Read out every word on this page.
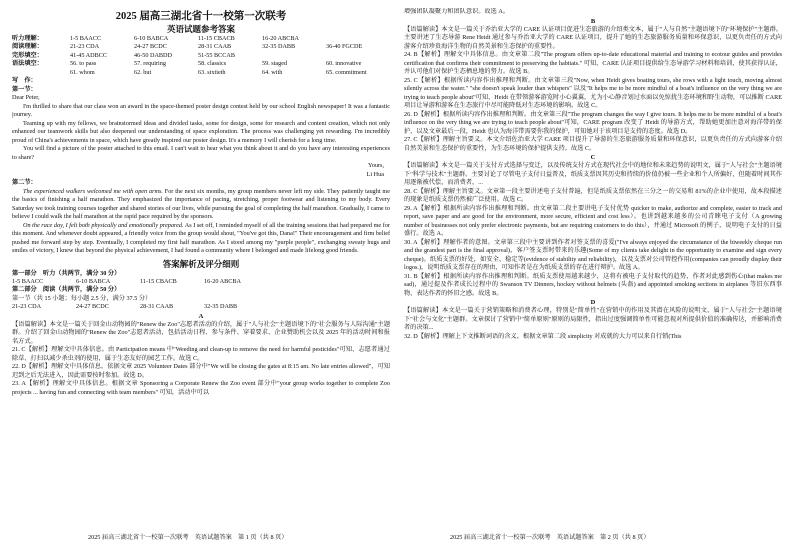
2025 届高三湖北省十一校第一次联考
英语试题参考答案
听力理解：	1-5 BAACC	6-10 BABCA	11-15 CBACB	16-20 ABCBA
阅读理解：	21-23 CDA	24-27 BCDC	28-31 CAAB	32-35 DABB	36-40 FGCDE
完形填空：	41-45 ADBCC	46-50 DABDD	51-55 BCCAB
语法填空：	56. to pass	57. requiring	58. classics	59. staged	60. innovative
61. whom	62. but	63. sixtieth	64. with	65. commitment
写　作：
第一节：

Dear Peter,

I'm thrilled to share that our class won an award in the space-themed poster design contest held by our school English newspaper! It was a fantastic journey.

Teaming up with my fellows, we brainstormed ideas and divided tasks, some for design, some for research and content creation, which not only enhanced our teamwork skills but also deepened our understanding of space exploration. The process was challenging yet rewarding. I'm incredibly proud of China's achievements in space, which have greatly inspired our poster design. It's a memory I will cherish for a long time.

You will find a picture of the poster attached to this email. I can't wait to hear what you think about it and do you have any interesting experiences to share?

Yours,

Li Hua

第二节：

The experienced walkers welcomed me with open arms. For the next six months, my group members never left my side. They patiently taught me the basics of finishing a half marathon. They emphasized the importance of pacing, stretching, proper footwear and listening to my body. Every Saturday we took training courses together and shared stories of our lives, while pursuing the goal of completing the half marathon. Gradually, I came to believe I could walk the half marathon at the rapid pace required by the sponsors.

On the race day, I felt both physically and emotionally prepared. As I set off, I reminded myself of all the training sessions that had prepared me for this moment. And whenever doubt appeared, a friendly voice from the group would shout, "You've got this, Dana!" Their encouragement and firm belief pushed me forward step by step. Eventually, I completed my first half marathon. As I stood among my "purple people", exchanging sweaty hugs and smiles of victory, I knew that beyond the physical achievement, I had found a community where I belonged and made lifelong good friends.

答案解析及评分细则
第一部分　听力（共两节，满分 30 分）
1-5 BAACC	6-10 BABCA	11-15 CBACB	16-20 ABCBA
第二部分　阅读（共两节，满分 50 分）
第一节（共 15 小题；每小题 2.5 分，满分 37.5 分）
21-23 CDA	24-27 BCDC	28-31 CAAB	32-35 DABB
A

【语篇解读】本文是一篇关于回金山动物园的"Renew the Zoo"志愿者活动的介绍，属于"人与社会"主题语境下的"社会服务与人际沟通"主题群。介绍了回金山动物园的"Renew the Zoo"志愿者活动，包括活动日程、参与条件、穿着要求、企业赞助机会以及 2025 年的活动时间和报名方式。

21. C【解析】理解文中具体信息。由 Participation means 中"Weeding and clean-up to remove the need for harmful pesticides"可知，志愿者通过除草、打扫以减少杀虫剂的使用，属于生态友好的园艺工作。故选 C。

22. D【解析】理解文中具体信息。依据文章 2025 Volunteer Dates 部分中"We will be closing the gates at 8:15 am. No late entries allowed"，可知迟到之后无法进入，因此需要按时参加。故选 D。

23. A【解析】理解文中具体信息。根据文章 Sponsoring a Corporate Renew the Zoo event 部分中"your group works together to complete Zoo projects ... having fun and connecting with team members" 可知，活动中可以

增强团队凝聚力和团队意识。故选 A。

B

【语篇解读】本文是一篇关于乔治亚大学的 CARE 认证项目促进生态旅游的介绍类文本，属于"人与自然"主题语境下的"环境保护"主题群。主要讲述了生态导游 Rene Heidt 通过参与乔治亚大学的 CARE 认证项目，提升了她的生态旅游服务质量和环保意识，以更负责任的方式向游客介绍珍贵海洋生物的自然美景和生态保护的重要性。

24. B【解析】理解文中具体信息。由文章第二段"The program offers up-to-date educational material and training to ecotour guides and provides certification that confirms their commitment to preserving the habitats." 可知，CARE 认证项目提供给生态导游学习材料和培训，使其获得认证，并认可他们对保护生态栖息地的努力。故选 B。

25. C【解析】根据所读内容作出推理和判断。由文章第三段"Now, when Heidt gives boating tours, she rows with a light touch, moving almost silently across the water." "she doesn't speak louder than whispers" 以及"It helps me to be more mindful of a boat's influence on the very thing we are trying to teach people about"可知，Heidt 在带领游客游览时小心翼翼，尤为小心静音划过水面以免惊扰生态环境和野生动物，可以推断 CARE 项目让导游和游客在生态旅行中尽可能降低对生态环境的影响。故选 C。

26. D【解析】根据所读内容作出推理和判断。由文章第三段"The program changes the way I give tours. It helps me to be more mindful of a boat's influence on the very thing we are trying to teach people about"可知，CARE program 改变了 Heidt 的导游方式，帮助她更加注意对海洋带的保护，以及文章最后一段，Heidt 也认为海洋带需要你我的保护，可知她对于该项目是支持的态度。故选 D。

27. C【解析】理解主旨要义。本文介绍佐治亚大学 CARE 项目提升了导游的生态旅游服务质量和环保意识，以更负责任的方式向游客介绍自然美景和生态保护的重要性，为生态环境的保护提供支持。故选 C。

C

【语篇解读】本文是一篇关于支付方式选择与变迁，以及传统支付方式在现代社会中的地位和未来趋势的说明文，属于"人与社会"主题语境下"科学与技术"主题群。主要讨论了尽管电子支付日益普及，纸质支票因其历史和持续的价值仍被一些企业和个人所偏好，但随着时间其作用逐渐被代偿，而消费者，...

28. C【解析】理解主旨要义。文章第一段主要讲述电子支付普遍，但是纸质支票依然在三分之一的交易和 81%的企业中使用，故本段描述的现象是纸质支票仍然被广泛使用。故选 C。

29. A【解析】根据所读内容作出推理和判断。由文章第二段主要讲电子支付优势 quicker to make, authorize and complete, easier to track and report, save paper and are good for the environment, more secure, efficient and cost less）。也讲到越来越多的公司青睐电子支付（A growing number of businesses not only prefer electronic payments, but are requiring customers to do this），并通过 Microsoft 的例子，说明电子支付的日益盛行。故选 A。

30. A【解析】理解作者的意图。文章第三段中主要讲到作者对签支票的喜爱("I've always enjoyed the circumstance of the biweekly cheque run and the grandest part is the final approval)，客户签支票时带来的乐趣(Some of my clients take delight in the opportunity to examine and sign every cheque)。纸质支票的好处，如安全、稳定等(evidence of stability and reliability)，以及支票对公司管控作用(companies can proudly display their logos.)，说明纸质支票存在的理由，可知作者是在为纸质支票的存在进行辩护。故选 A。

31. B【解析】根据所读内容作出推理和判断。纸质支票使用越来越少，这将有被电子支付取代的趋势，作者对此感到伤心(that makes me sad)，通过提及作者成长过程中的 Swanson TV Dinners, hockey without helmets (头盔) and appointed smoking sections in airplanes 等旧东西事物，表达作者的怀旧之感。故选 B。

D

【语篇解读】本文是一篇关于营销策略和消费者心理，特别是"简单性"在营销中的作用及其潜在风险的说明文，属于"人与社会"主题语境下"社会与文化"主题群。文章探讨了营销中"简单原则"原则的局限性，指出过度强调简单性可能忽视对所提供价值的准确传达，并影响消费者的决策...

32. D【解析】理解上下文推断词语的含义。根据文章第二段 simplicity 对成就的大力可以来自行销(This

2025 届高三湖北省十一校第一次联考　英语试题答案　第 1 页（共 8 页）	2025 届高三湖北省十一校第一次联考　英语试题答案　第 2 页（共 8 页）
